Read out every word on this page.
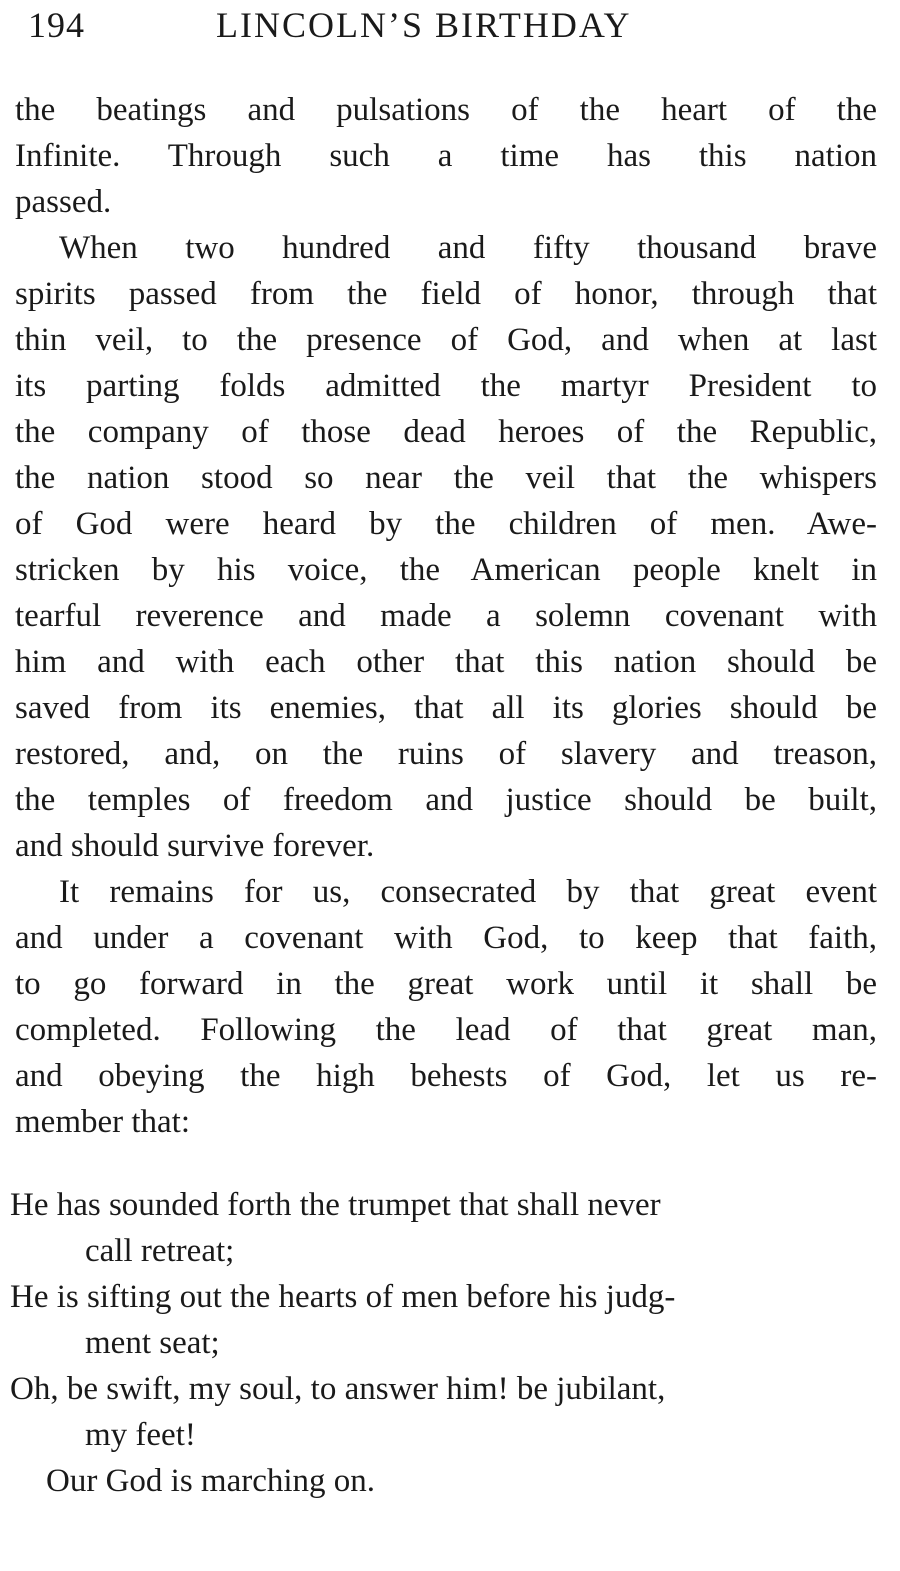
194	LINCOLN’S BIRTHDAY
the beatings and pulsations of the heart of the
Infinite. Through such a time has this nation
passed.
When two hundred and fifty thousand brave
spirits passed from the field of honor, through that
thin veil, to the presence of God, and when at last
its parting folds admitted the martyr President to
the company of those dead heroes of the Republic,
the nation stood so near the veil that the whispers
of God were heard by the children of men. Awe-
stricken by his voice, the American people knelt in
tearful reverence and made a solemn covenant with
him and with each other that this nation should be
saved from its enemies, that all its glories should be
restored, and, on the ruins of slavery and treason,
the temples of freedom and justice should be built,
and should survive forever.
It remains for us, consecrated by that great event
and under a covenant with God, to keep that faith,
to go forward in the great work until it shall be
completed. Following the lead of that great man,
and obeying the high behests of God, let us re-
member that:
He has sounded forth the trumpet that shall never
call retreat;
He is sifting out the hearts of men before his judg-
ment seat;
Oh, be swift, my soul, to answer him! be jubilant,
my feet!
Our God is marching on.
